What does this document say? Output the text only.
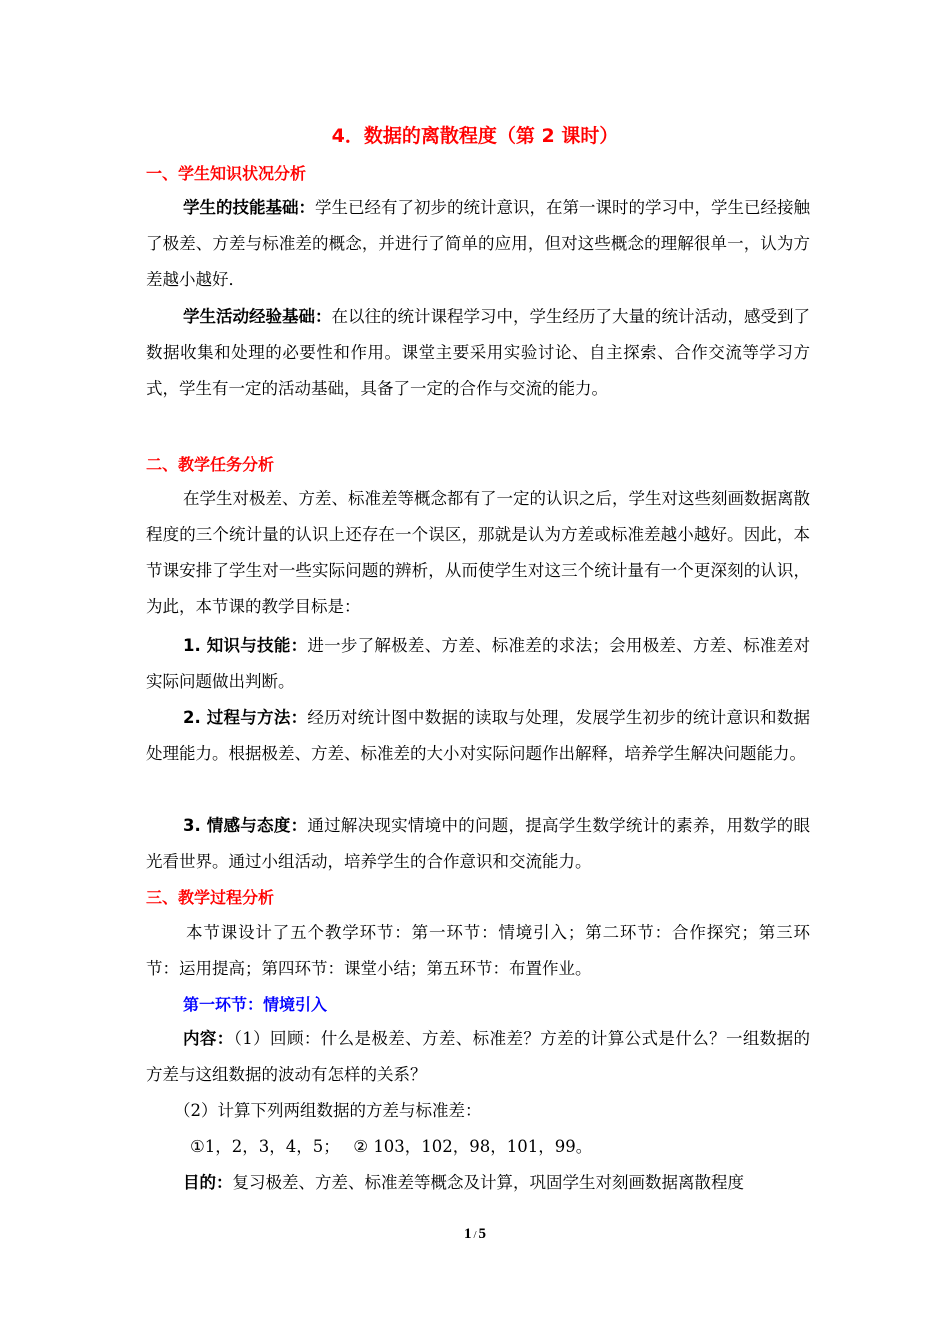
4．数据的离散程度（第 2 课时）
一、学生知识状况分析

学生的技能基础：学生已经有了初步的统计意识，在第一课时的学习中，学生已经接触了极差、方差与标准差的概念，并进行了简单的应用，但对这些概念的理解很单一，认为方差越小越好．

学生活动经验基础：在以往的统计课程学习中，学生经历了大量的统计活动，感受到了数据收集和处理的必要性和作用。课堂主要采用实验讨论、自主探索、合作交流等学习方式，学生有一定的活动基础，具备了一定的合作与交流的能力。

二、教学任务分析

在学生对极差、方差、标准差等概念都有了一定的认识之后，学生对这些刻画数据离散程度的三个统计量的认识上还存在一个误区，那就是认为方差或标准差越小越好。因此，本节课安排了学生对一些实际问题的辨析，从而使学生对这三个统计量有一个更深刻的认识，为此，本节课的教学目标是：

1. 知识与技能：进一步了解极差、方差、标准差的求法；会用极差、方差、标准差对实际问题做出判断。

2. 过程与方法：经历对统计图中数据的读取与处理，发展学生初步的统计意识和数据处理能力。根据极差、方差、标准差的大小对实际问题作出解释，培养学生解决问题能力。

3. 情感与态度：通过解决现实情境中的问题，提高学生数学统计的素养，用数学的眼光看世界。通过小组活动，培养学生的合作意识和交流能力。

三、教学过程分析

本节课设计了五个教学环节：第一环节：情境引入；第二环节：合作探究；第三环节：运用提高；第四环节：课堂小结；第五环节：布置作业。

第一环节：情境引入

内容：（1）回顾：什么是极差、方差、标准差？方差的计算公式是什么？一组数据的方差与这组数据的波动有怎样的关系？

（2）计算下列两组数据的方差与标准差：

①1，2，3，4，5；　 ② 103，102，98，101，99。

目的：复习极差、方差、标准差等概念及计算，巩固学生对刻画数据离散程度

1 / 5
